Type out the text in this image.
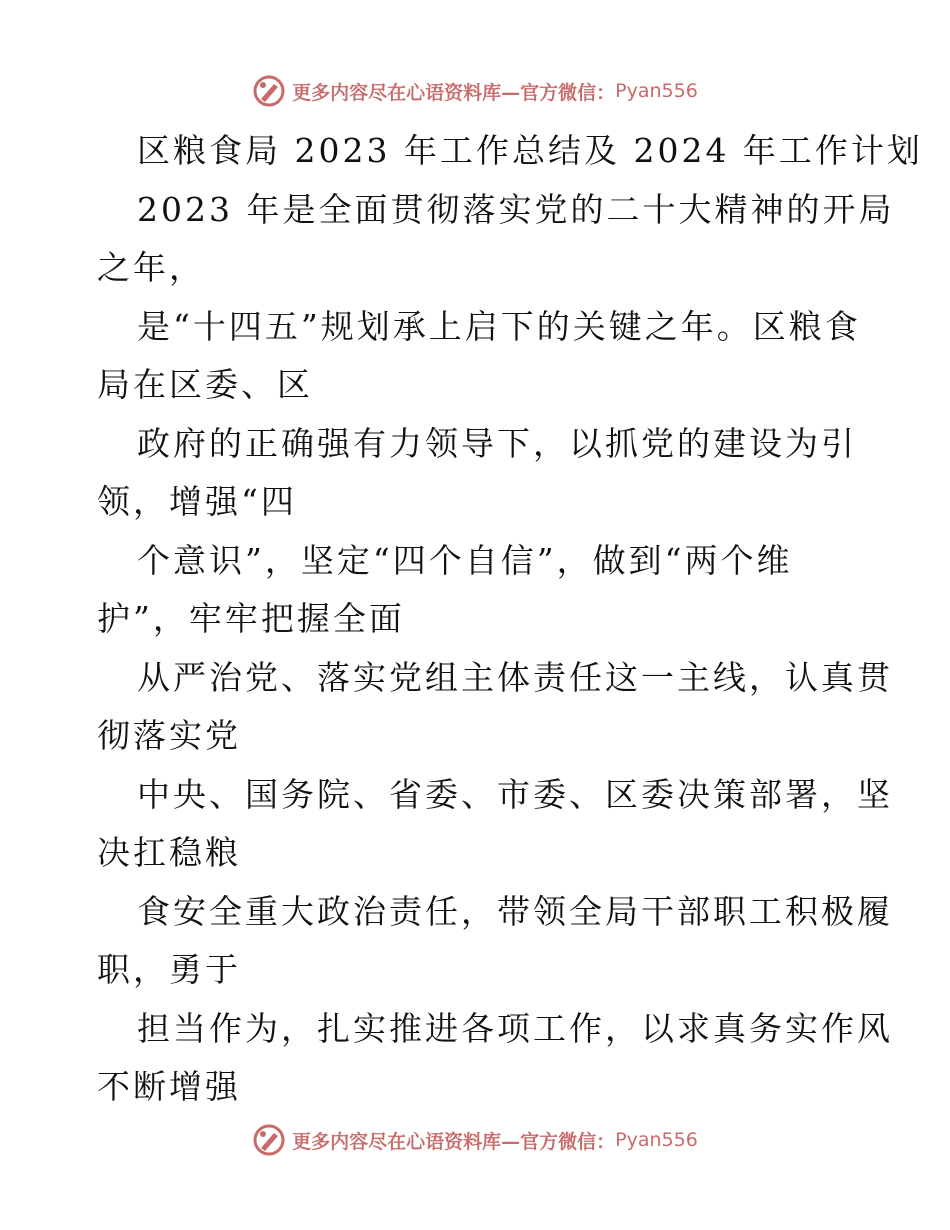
更多内容尽在心语资料库—官方微信： Pyan556
区粮食局 2023 年工作总结及 2024 年工作计划
2023 年是全面贯彻落实党的二十大精神的开局
之年，
是“十四五”规划承上启下的关键之年。区粮食
局在区委、区
政府的正确强有力领导下，以抓党的建设为引
领，增强“四
个意识”，坚定“四个自信”，做到“两个维
护”，牢牢把握全面
从严治党、落实党组主体责任这一主线，认真贯
彻落实党
中央、国务院、省委、市委、区委决策部署，坚
决扛稳粮
食安全重大政治责任，带领全局干部职工积极履
职，勇于
担当作为，扎实推进各项工作，以求真务实作风
不断增强
更多内容尽在心语资料库—官方微信： Pyan556
